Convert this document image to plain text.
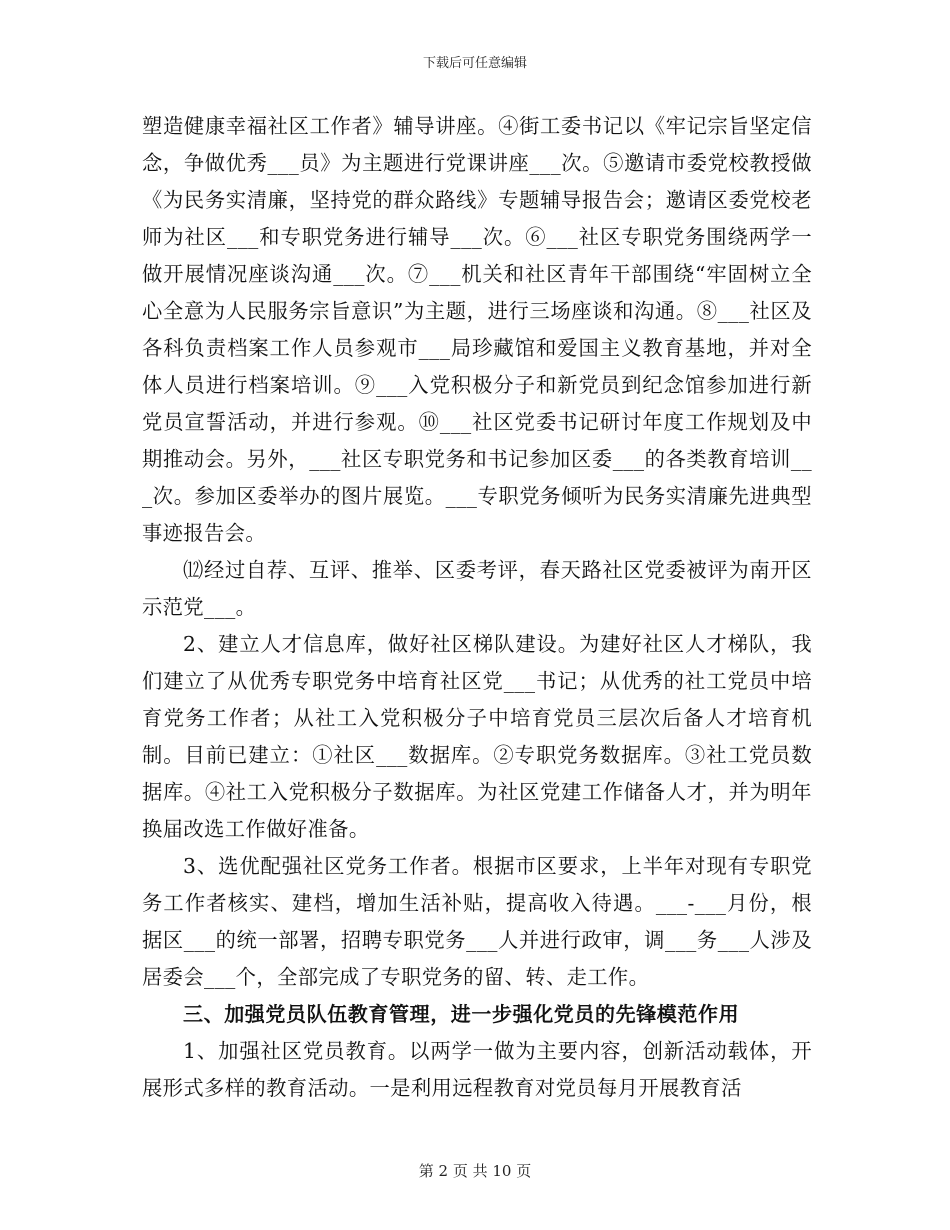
下载后可任意编辑

塑造健康幸福社区工作者》辅导讲座。④街工委书记以《牢记宗旨坚定信念，争做优秀___员》为主题进行党课讲座___次。⑤邀请市委党校教授做《为民务实清廉，坚持党的群众路线》专题辅导报告会；邀请区委党校老师为社区___和专职党务进行辅导___次。⑥___社区专职党务围绕两学一做开展情况座谈沟通___次。⑦___机关和社区青年干部围绕“牢固树立全心全意为人民服务宗旨意识”为主题，进行三场座谈和沟通。⑧___社区及各科负责档案工作人员参观市___局珍藏馆和爱国主义教育基地，并对全体人员进行档案培训。⑨___入党积极分子和新党员到纪念馆参加进行新党员宣誓活动，并进行参观。⑩___社区党委书记研讨年度工作规划及中期推动会。另外，___社区专职党务和书记参加区委___的各类教育培训___次。参加区委举办的图片展览。___专职党务倾听为民务实清廉先进典型事迹报告会。

⑿经过自荐、互评、推举、区委考评，春天路社区党委被评为南开区示范党___。

2、建立人才信息库，做好社区梯队建设。为建好社区人才梯队，我们建立了从优秀专职党务中培育社区党___书记；从优秀的社工党员中培育党务工作者；从社工入党积极分子中培育党员三层次后备人才培育机制。目前已建立：①社区___数据库。②专职党务数据库。③社工党员数据库。④社工入党积极分子数据库。为社区党建工作储备人才，并为明年换届改选工作做好准备。

3、选优配强社区党务工作者。根据市区要求，上半年对现有专职党务工作者核实、建档，增加生活补贴，提高收入待遇。___-___月份，根据区___的统一部署，招聘专职党务___人并进行政审，调___务___人涉及居委会___个，全部完成了专职党务的留、转、走工作。

三、加强党员队伍教育管理，进一步强化党员的先锋模范作用

1、加强社区党员教育。以两学一做为主要内容，创新活动载体，开展形式多样的教育活动。一是利用远程教育对党员每月开展教育活

第 2 页 共 10 页
